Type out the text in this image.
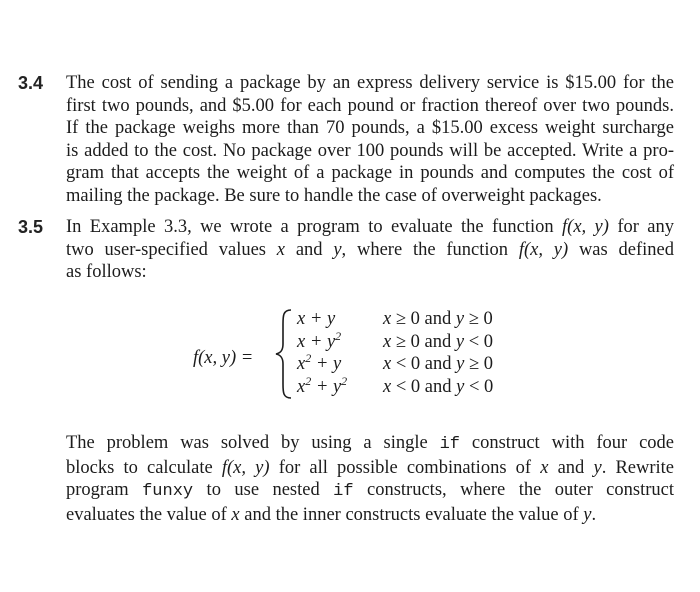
3.4 The cost of sending a package by an express delivery service is $15.00 for the
first two pounds, and $5.00 for each pound or fraction thereof over two pounds.
If the package weighs more than 70 pounds, a $15.00 excess weight surcharge
is added to the cost. No package over 100 pounds will be accepted. Write a pro-
gram that accepts the weight of a package in pounds and computes the cost of
mailing the package. Be sure to handle the case of overweight packages.
3.5 In Example 3.3, we wrote a program to evaluate the function f(x, y) for any
two user-specified values x and y, where the function f(x, y) was defined
as follows:
f(x, y) =
x + y	x ≥ 0 and y ≥ 0
$x + y^2$ x ≥ 0 and y < 0
$x^2 + y$ x < 0 and y ≥ 0
$x^2 + y^2$ x < 0 and y < 0
The problem was solved by using a single if construct with four code
blocks to calculate f(x, y) for all possible combinations of x and y. Rewrite
program funxy to use nested if constructs, where the outer construct
evaluates the value of x and the inner constructs evaluate the value of y.
